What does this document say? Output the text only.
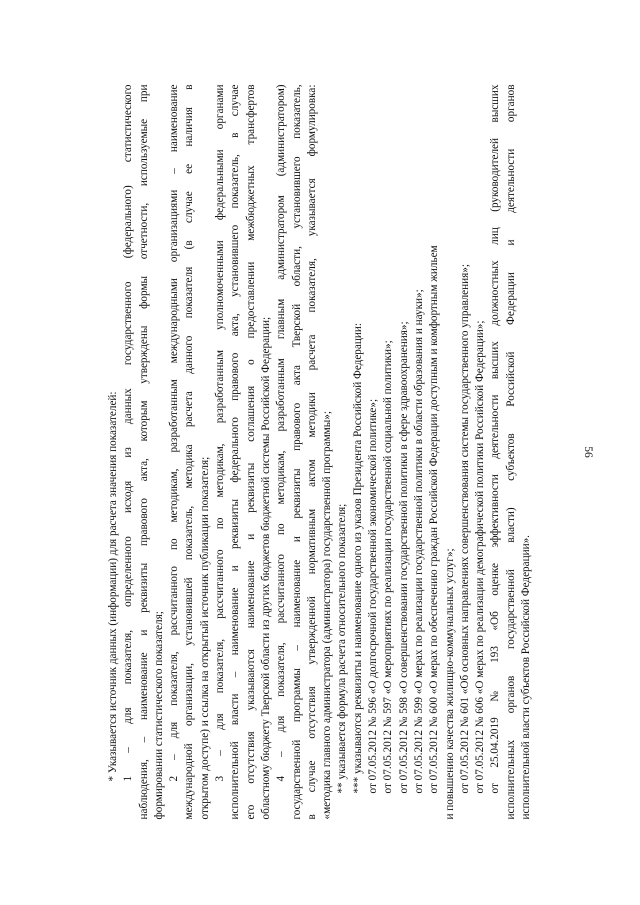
56
* Указывается источник данных (информации) для расчета значения показателей: 1 – для показателя, определенного исходя из данных государственного (федерального) статистического наблюдения, – наименование и реквизиты правового акта, которым утверждены формы отчетности, используемые при формировании статистического показателя; 2 – для показателя, рассчитанного по методикам, разработанным международными организациями – наименование международной организации, установившей показатель, методика расчета данного показателя (в случае ее наличия в открытом доступе) и ссылка на открытый источник публикации показателя; 3 – для показателя, рассчитанного по методикам, разработанным уполномоченными федеральными органами исполнительной власти – наименование и реквизиты федерального правового акта, установившего показатель, в случае его отсутствия указываются наименование и реквизиты соглашения о предоставлении межбюджетных трансфертов областному бюджету Тверской области из других бюджетов бюджетной системы Российской Федерации; 4 – для показателя, рассчитанного по методикам, разработанным главным администратором (администратором) государственной программы – наименование и реквизиты правового акта Тверской области, установившего показатель, в случае отсутствия утвержденной нормативным актом методики расчета показателя, указывается формулировка: «методика главного администратора (администратора) государственной программы»; ** указывается формула расчета относительного показателя; *** указываются реквизиты и наименование одного из указов Президента Российской Федерации: от 07.05.2012 № 596 «О долгосрочной государственной экономической политике»; от 07.05.2012 № 597 «О мероприятиях по реализации государственной социальной политики»; от 07.05.2012 № 598 «О совершенствовании государственной политики в сфере здравоохранения»; от 07.05.2012 № 599 «О мерах по реализации государственной политики в области образования и науки»; от 07.05.2012 № 600 «О мерах по обеспечению граждан Российской Федерации доступным и комфортным жильем и повышению качества жилищно-коммунальных услуг»; от 07.05.2012 № 601 «Об основных направлениях совершенствования системы государственного управления»; от 07.05.2012 № 606 «О мерах по реализации демографической политики Российской Федерации»; от 25.04.2019 № 193 «Об оценке эффективности деятельности высших должностных лиц (руководителей высших исполнительных органов государственной власти) субъектов Российской Федерации и деятельности органов исполнительной власти субъектов Российской Федерации».
